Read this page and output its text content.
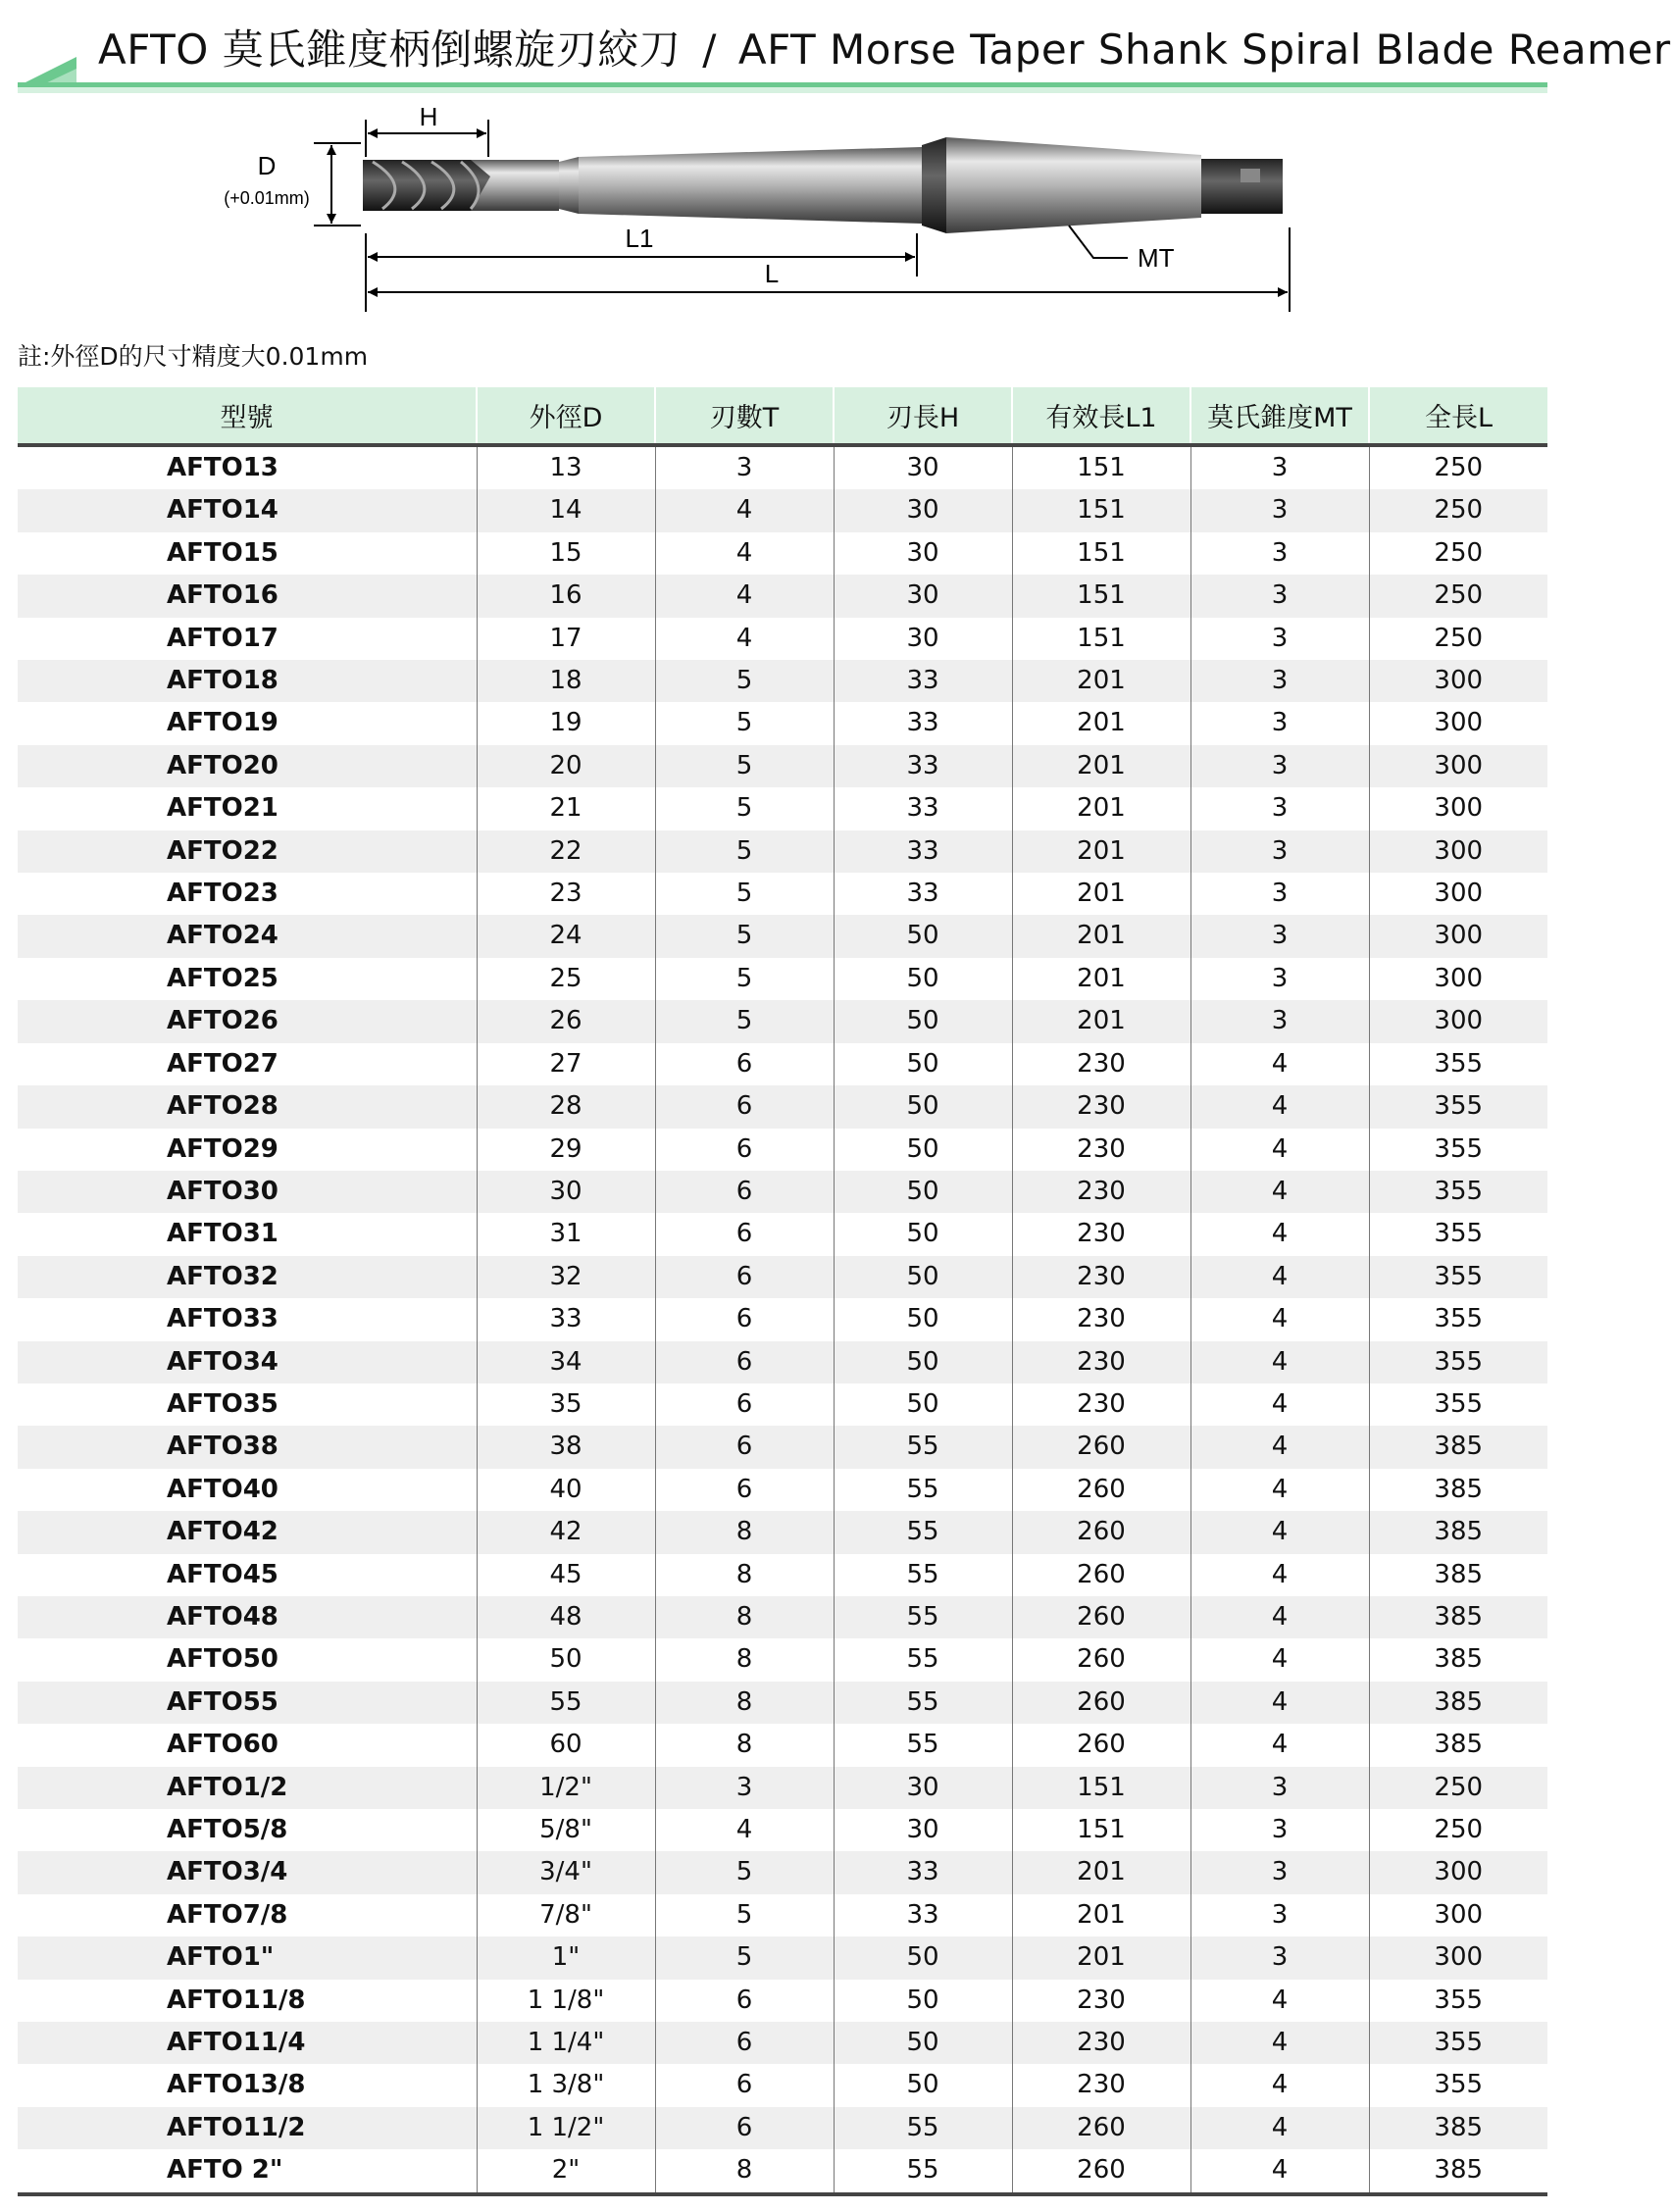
AFTO 莫氏錐度柄倒螺旋刃絞刀 / AFT Morse Taper Shank Spiral Blade Reamer
H
D
(+0.01mm)
L1
L
MT
註:外徑D的尺寸精度大0.01mm
型號	外徑D	刃數T	刃長H	有效長L1	莫氏錐度MT	全長L
AFTO13	13	3	30	151	3	250
AFTO14	14	4	30	151	3	250
AFTO15	15	4	30	151	3	250
AFTO16	16	4	30	151	3	250
AFTO17	17	4	30	151	3	250
AFTO18	18	5	33	201	3	300
AFTO19	19	5	33	201	3	300
AFTO20	20	5	33	201	3	300
AFTO21	21	5	33	201	3	300
AFTO22	22	5	33	201	3	300
AFTO23	23	5	33	201	3	300
AFTO24	24	5	50	201	3	300
AFTO25	25	5	50	201	3	300
AFTO26	26	5	50	201	3	300
AFTO27	27	6	50	230	4	355
AFTO28	28	6	50	230	4	355
AFTO29	29	6	50	230	4	355
AFTO30	30	6	50	230	4	355
AFTO31	31	6	50	230	4	355
AFTO32	32	6	50	230	4	355
AFTO33	33	6	50	230	4	355
AFTO34	34	6	50	230	4	355
AFTO35	35	6	50	230	4	355
AFTO38	38	6	55	260	4	385
AFTO40	40	6	55	260	4	385
AFTO42	42	8	55	260	4	385
AFTO45	45	8	55	260	4	385
AFTO48	48	8	55	260	4	385
AFTO50	50	8	55	260	4	385
AFTO55	55	8	55	260	4	385
AFTO60	60	8	55	260	4	385
AFTO1/2	1/2"	3	30	151	3	250
AFTO5/8	5/8"	4	30	151	3	250
AFTO3/4	3/4"	5	33	201	3	300
AFTO7/8	7/8"	5	33	201	3	300
AFTO1"	1"	5	50	201	3	300
AFTO11/8	1 1/8"	6	50	230	4	355
AFTO11/4	1 1/4"	6	50	230	4	355
AFTO13/8	1 3/8"	6	50	230	4	355
AFTO11/2	1 1/2"	6	55	260	4	385
AFTO 2"	2"	8	55	260	4	385
